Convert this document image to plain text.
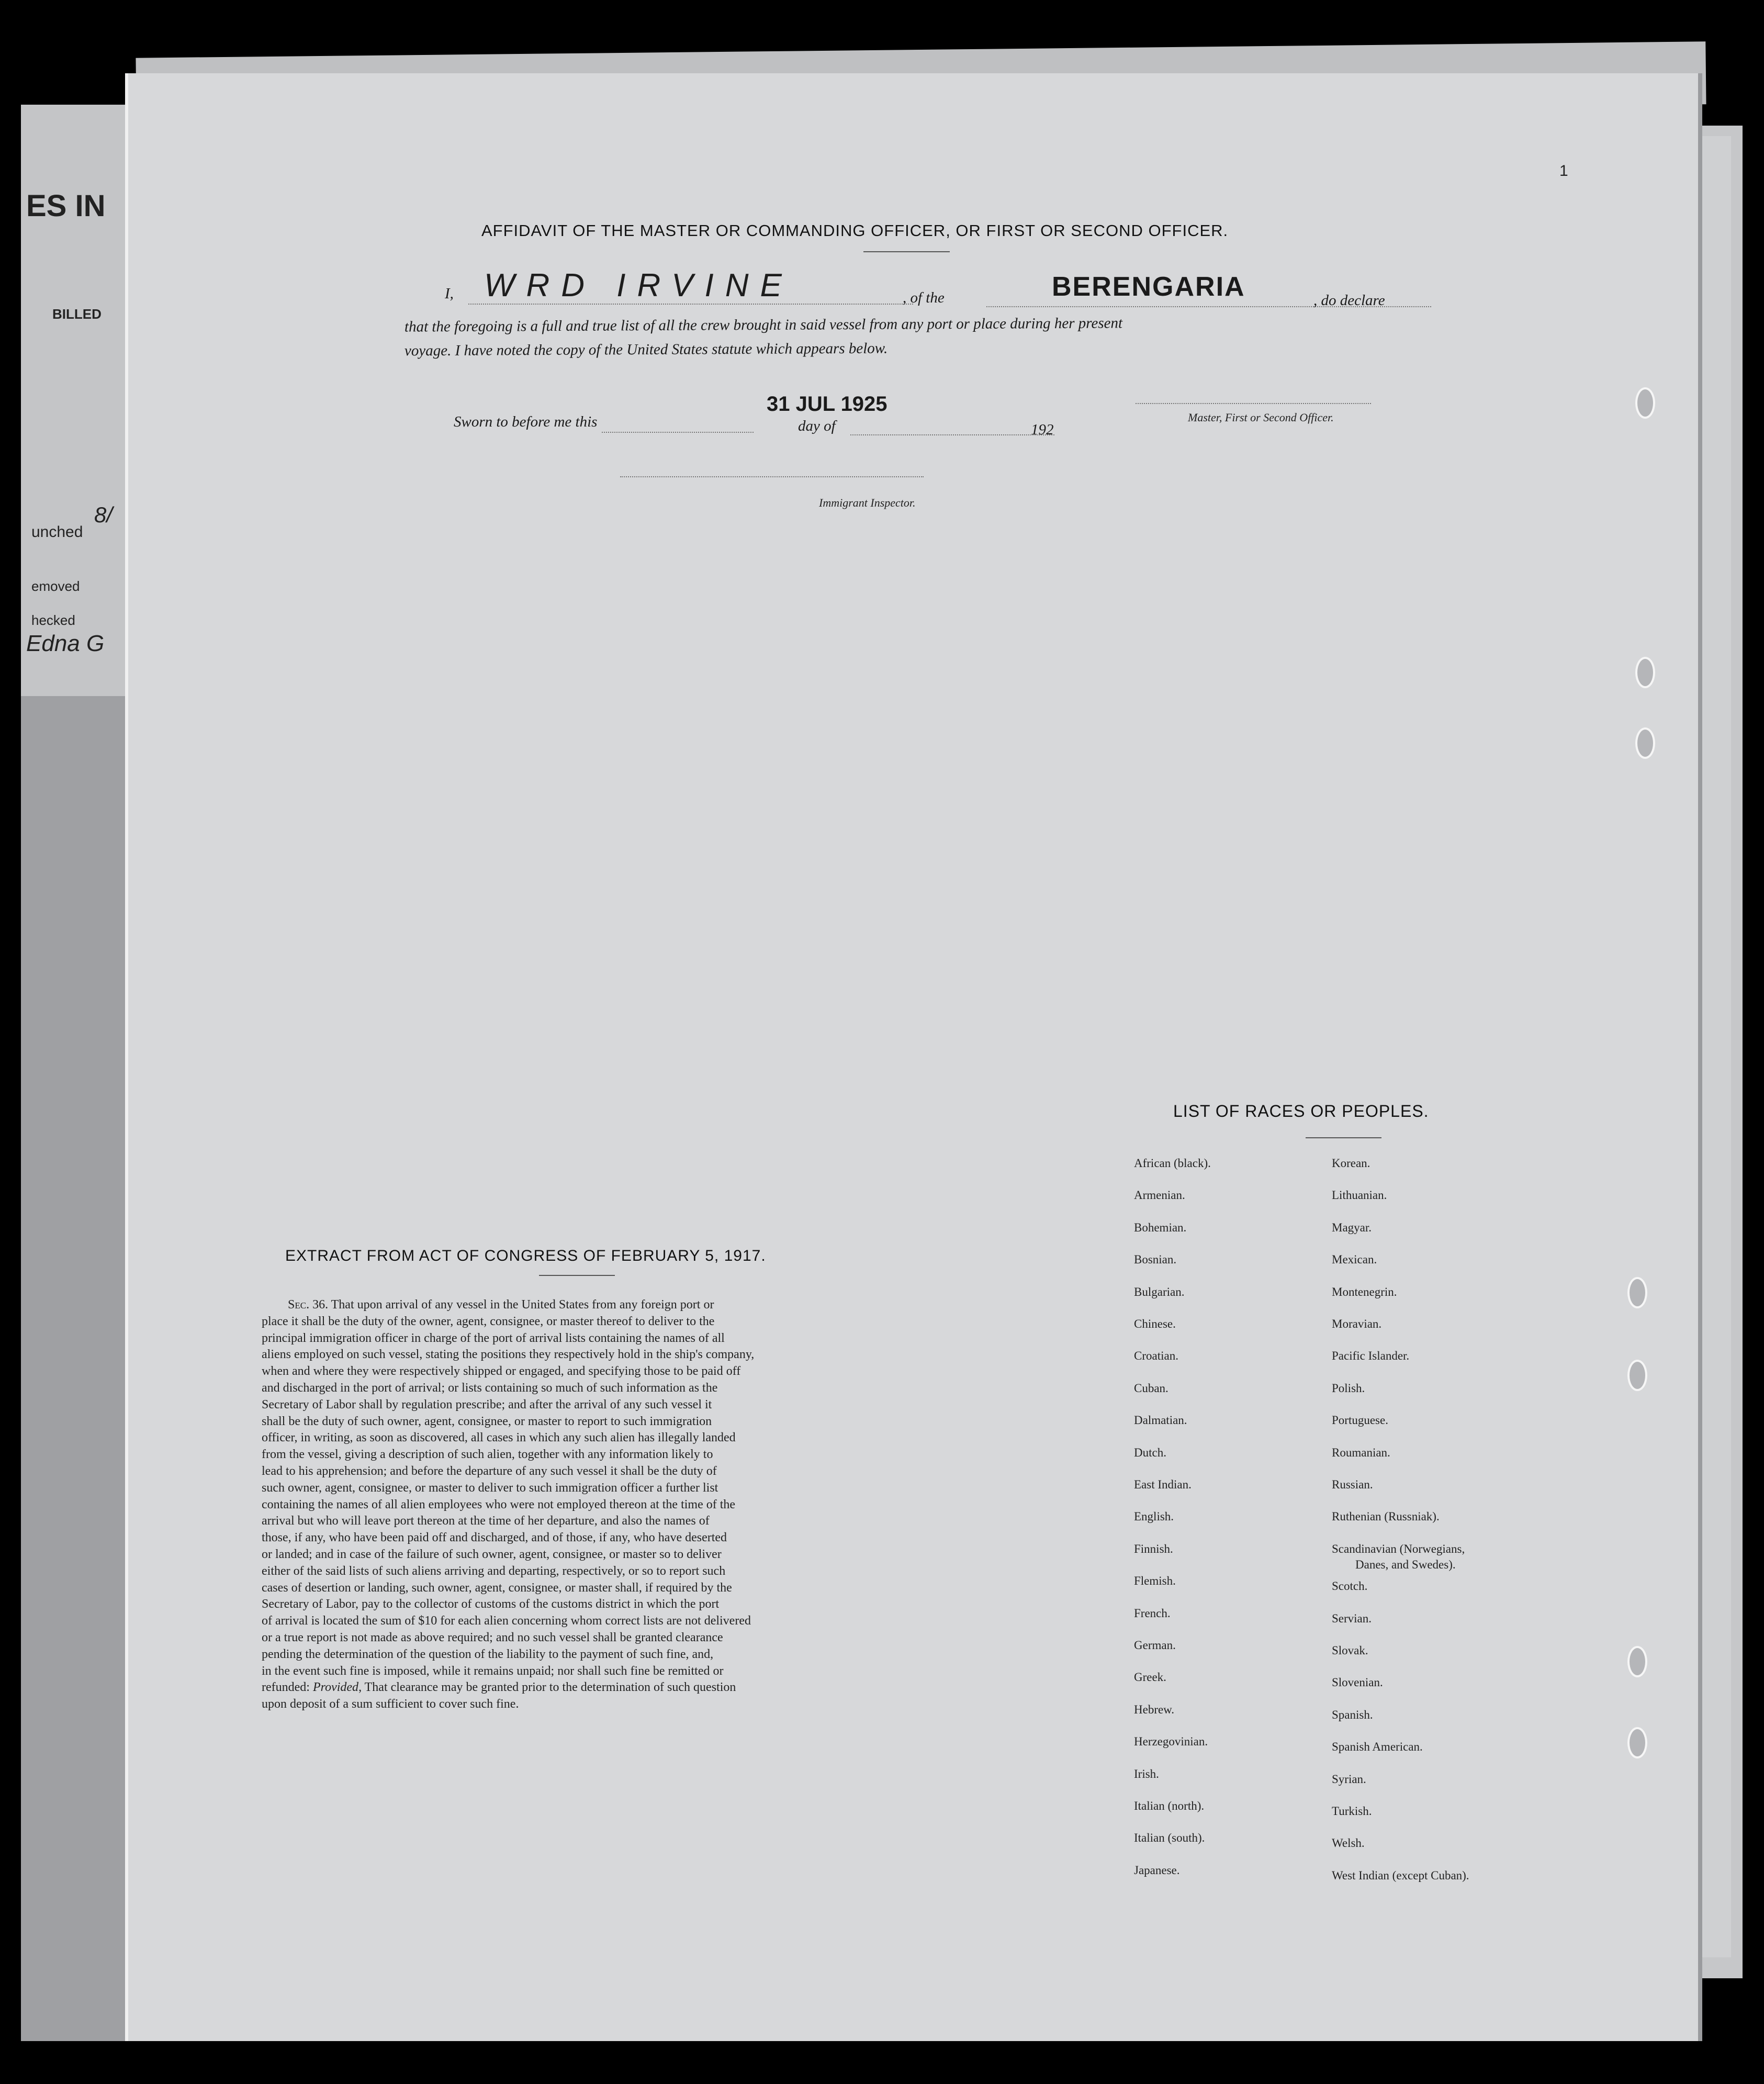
ES IN
BILLED
unched
8/
emoved
hecked
Edna G
1
AFFIDAVIT OF THE MASTER OR COMMANDING OFFICER, OR FIRST OR SECOND OFFICER.
I, WRD IRVINE	, of the	BERENGARIA	, do declare
that the foregoing is a full and true list of all the crew brought in said vessel from any port or place during her present
voyage. I have noted the copy of the United States statute which appears below.
Sworn to before me this
31 JUL 1925
day of	192
Master, First or Second Officer.
Immigrant Inspector.
EXTRACT FROM ACT OF CONGRESS OF FEBRUARY 5, 1917.
Sec. 36. That upon arrival of any vessel in the United States from any foreign port or
place it shall be the duty of the owner, agent, consignee, or master thereof to deliver to the
principal immigration officer in charge of the port of arrival lists containing the names of all
aliens employed on such vessel, stating the positions they respectively hold in the ship's company,
when and where they were respectively shipped or engaged, and specifying those to be paid off
and discharged in the port of arrival; or lists containing so much of such information as the
Secretary of Labor shall by regulation prescribe; and after the arrival of any such vessel it
shall be the duty of such owner, agent, consignee, or master to report to such immigration
officer, in writing, as soon as discovered, all cases in which any such alien has illegally landed
from the vessel, giving a description of such alien, together with any information likely to
lead to his apprehension; and before the departure of any such vessel it shall be the duty of
such owner, agent, consignee, or master to deliver to such immigration officer a further list
containing the names of all alien employees who were not employed thereon at the time of the
arrival but who will leave port thereon at the time of her departure, and also the names of
those, if any, who have been paid off and discharged, and of those, if any, who have deserted
or landed; and in case of the failure of such owner, agent, consignee, or master so to deliver
either of the said lists of such aliens arriving and departing, respectively, or so to report such
cases of desertion or landing, such owner, agent, consignee, or master shall, if required by the
Secretary of Labor, pay to the collector of customs of the customs district in which the port
of arrival is located the sum of $10 for each alien concerning whom correct lists are not delivered
or a true report is not made as above required; and no such vessel shall be granted clearance
pending the determination of the question of the liability to the payment of such fine, and,
in the event such fine is imposed, while it remains unpaid; nor shall such fine be remitted or
refunded: Provided, That clearance may be granted prior to the determination of such question
upon deposit of a sum sufficient to cover such fine.
LIST OF RACES OR PEOPLES.
African (black).
Armenian.
Bohemian.
Bosnian.
Bulgarian.
Chinese.
Croatian.
Cuban.
Dalmatian.
Dutch.
East Indian.
English.
Finnish.
Flemish.
French.
German.
Greek.
Hebrew.
Herzegovinian.
Irish.
Italian (north).
Italian (south).
Japanese.
Korean.
Lithuanian.
Magyar.
Mexican.
Montenegrin.
Moravian.
Pacific Islander.
Polish.
Portuguese.
Roumanian.
Russian.
Ruthenian (Russniak).
Scandinavian (Norwegians,
Scotch.
Servian.
Slovak.
Slovenian.
Spanish.
Spanish American.
Syrian.
Turkish.
Welsh.
West Indian (except Cuban).
Danes, and Swedes).
